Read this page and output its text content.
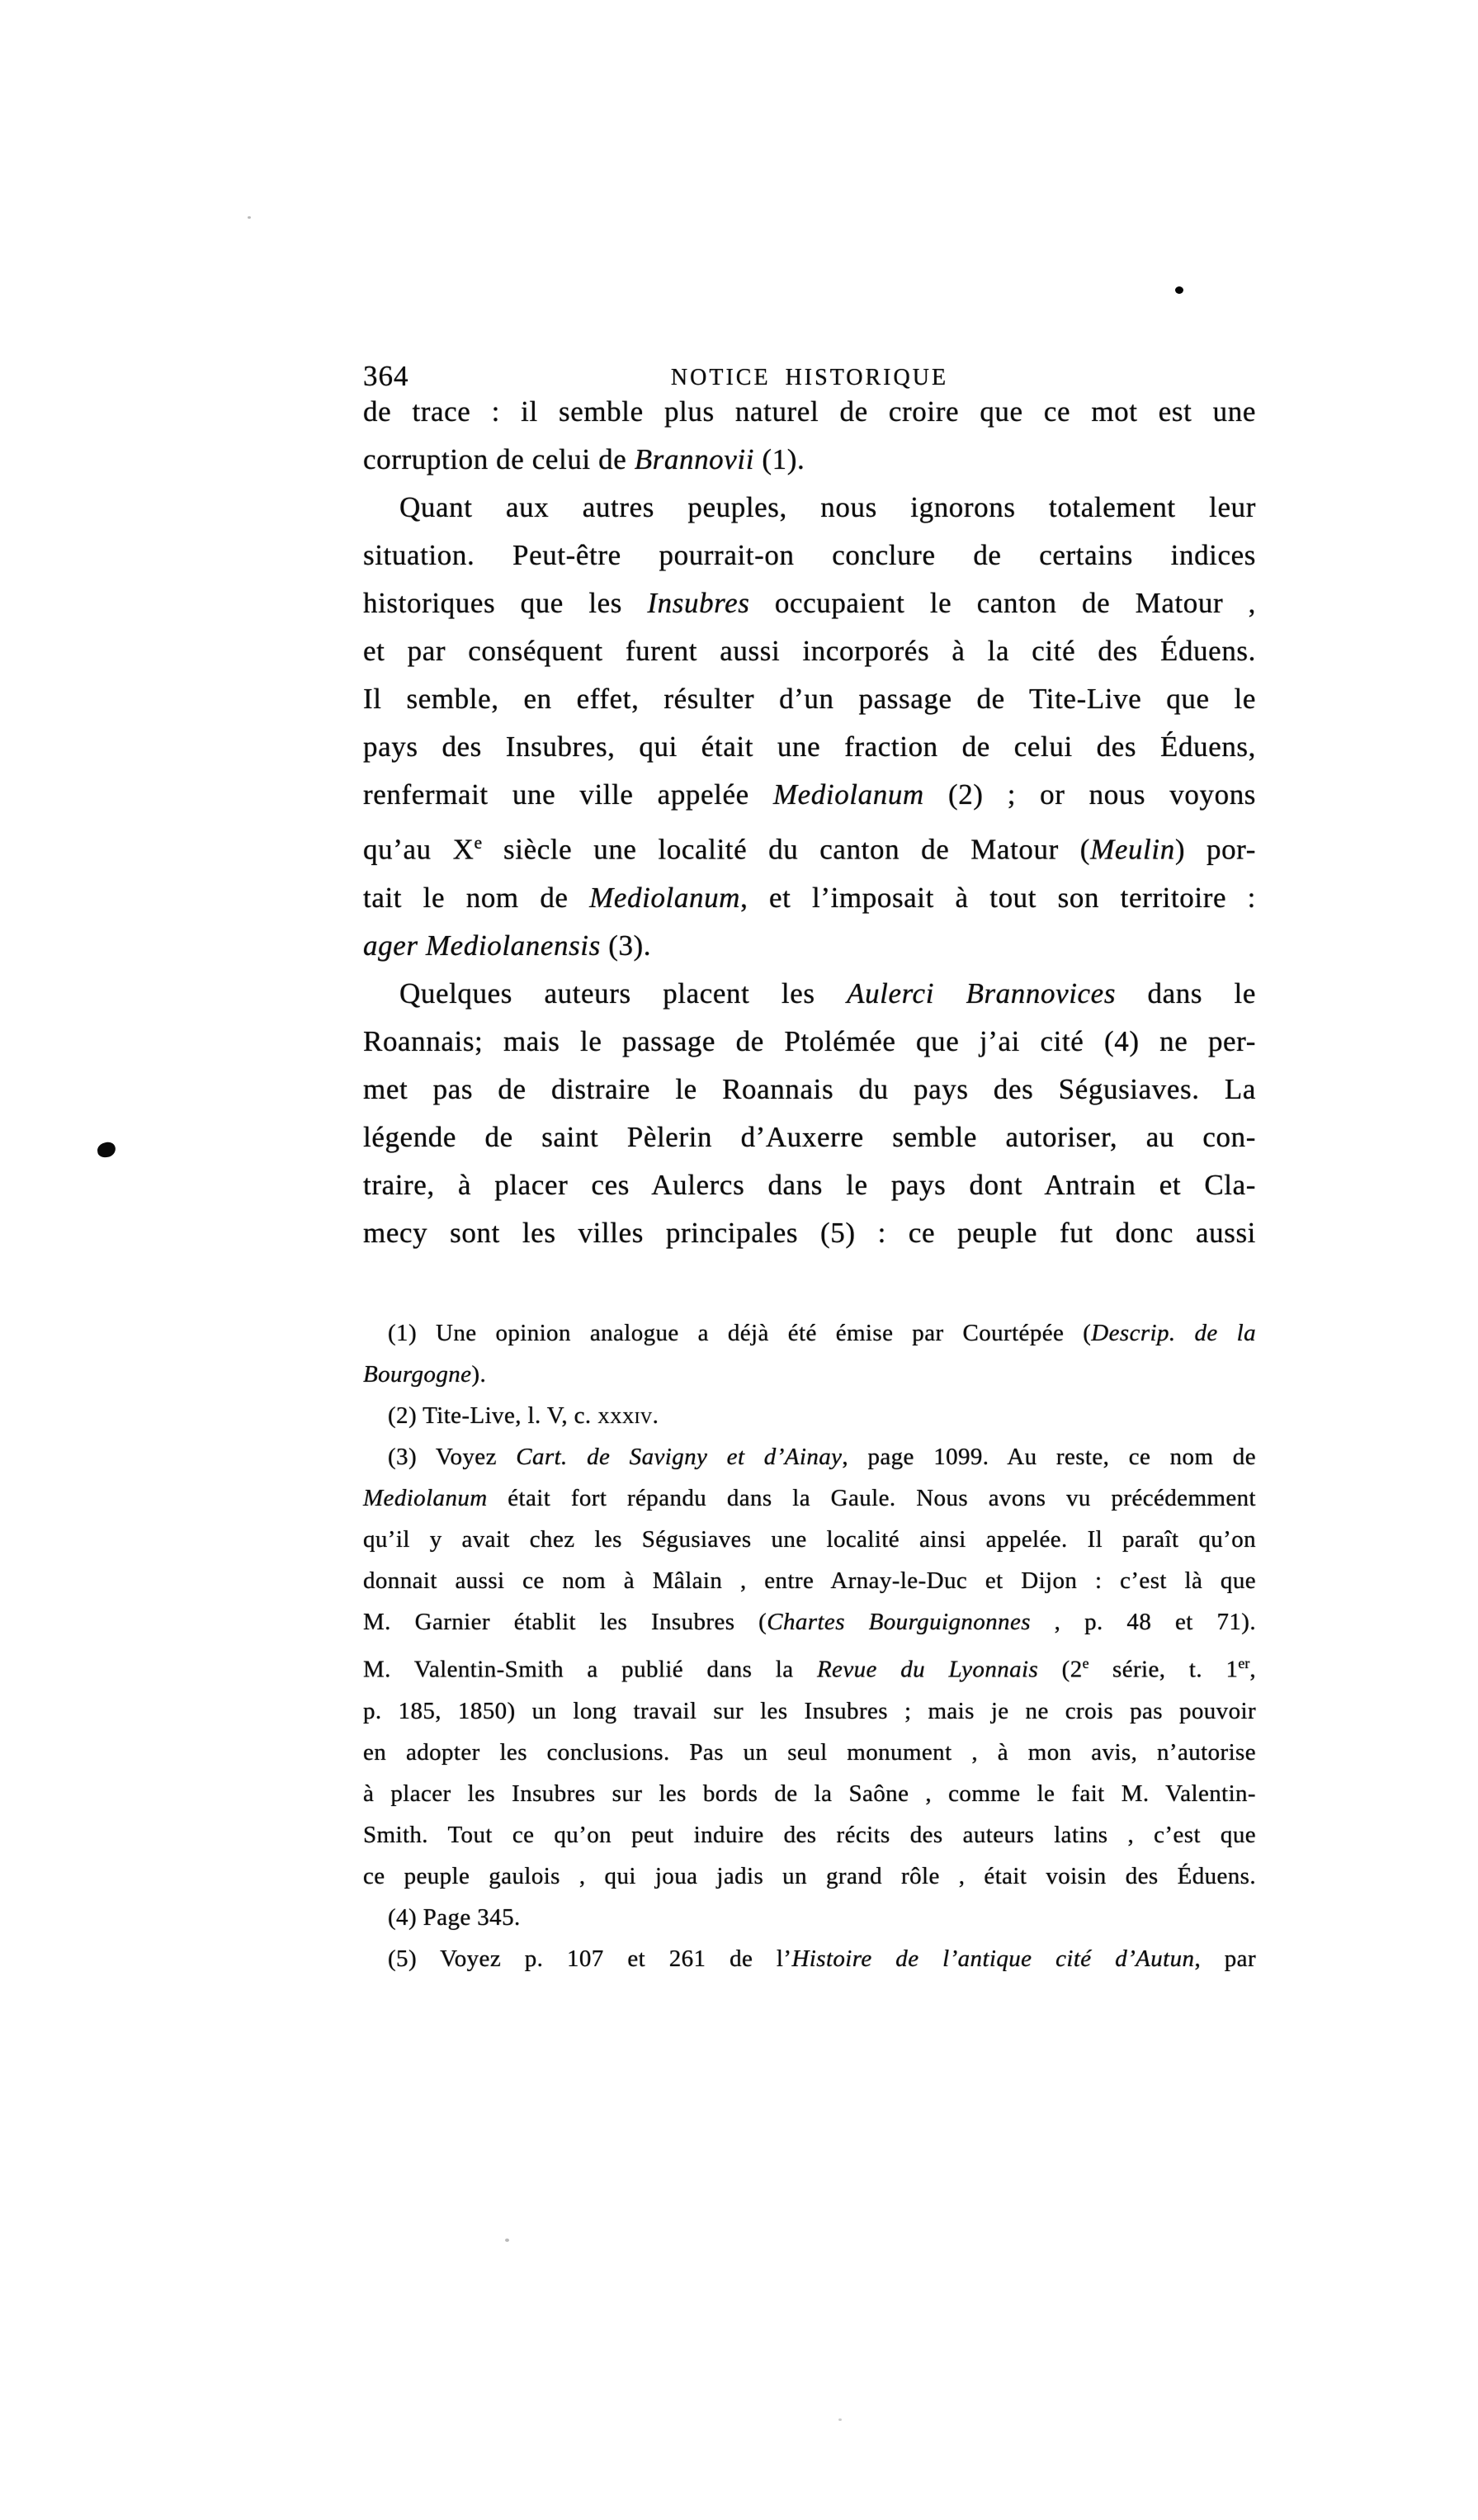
364	NOTICE HISTORIQUE
de trace : il semble plus naturel de croire que ce mot est une
corruption de celui de Brannovii (1).
Quant aux autres peuples, nous ignorons totalement leur
situation. Peut-être pourrait-on conclure de certains indices
historiques que les Insubres occupaient le canton de Matour ,
et par conséquent furent aussi incorporés à la cité des Éduens.
Il semble, en effet, résulter d’un passage de Tite-Live que le
pays des Insubres, qui était une fraction de celui des Éduens,
renfermait une ville appelée Mediolanum (2) ; or nous voyons
qu’au Xe siècle une localité du canton de Matour (Meulin) por-
tait le nom de Mediolanum, et l’imposait à tout son territoire :
ager Mediolanensis (3).
Quelques auteurs placent les Aulerci Brannovices dans le
Roannais; mais le passage de Ptolémée que j’ai cité (4) ne per-
met pas de distraire le Roannais du pays des Ségusiaves. La
légende de saint Pèlerin d’Auxerre semble autoriser, au con-
traire, à placer ces Aulercs dans le pays dont Antrain et Cla-
mecy sont les villes principales (5) : ce peuple fut donc aussi
(1) Une opinion analogue a déjà été émise par Courtépée (Descrip. de la
Bourgogne).
(2) Tite-Live, l. V, c. xxxiv.
(3) Voyez Cart. de Savigny et d’Ainay, page 1099. Au reste, ce nom de
Mediolanum était fort répandu dans la Gaule. Nous avons vu précédemment
qu’il y avait chez les Ségusiaves une localité ainsi appelée. Il paraît qu’on
donnait aussi ce nom à Mâlain , entre Arnay-le-Duc et Dijon : c’est là que
M. Garnier établit les Insubres (Chartes Bourguignonnes , p. 48 et 71).
M. Valentin-Smith a publié dans la Revue du Lyonnais (2e série, t. 1er,
p. 185, 1850) un long travail sur les Insubres ; mais je ne crois pas pouvoir
en adopter les conclusions. Pas un seul monument , à mon avis, n’autorise
à placer les Insubres sur les bords de la Saône , comme le fait M. Valentin-
Smith. Tout ce qu’on peut induire des récits des auteurs latins , c’est que
ce peuple gaulois , qui joua jadis un grand rôle , était voisin des Éduens.
(4) Page 345.
(5) Voyez p. 107 et 261 de l’Histoire de l’antique cité d’Autun, par
